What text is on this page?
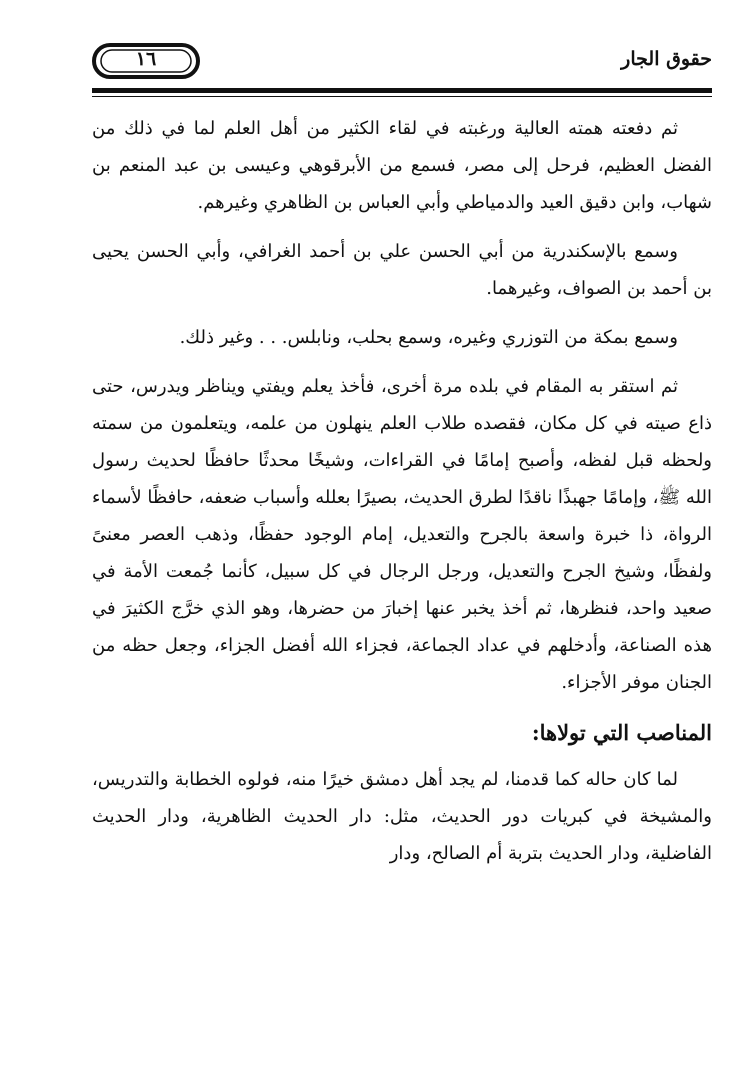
١٦	حقوق الجار

ثم دفعته همته العالية ورغبته في لقاء الكثير من أهل العلم لما في ذلك من الفضل العظيم، فرحل إلى مصر، فسمع من الأبرقوهي وعيسى بن عبد المنعم بن شهاب، وابن دقيق العيد والدمياطي وأبي العباس بن الظاهري وغيرهم.

وسمع بالإسكندرية من أبي الحسن علي بن أحمد الغرافي، وأبي الحسن يحيى بن أحمد بن الصواف، وغيرهما.

وسمع بمكة من التوزري وغيره، وسمع بحلب، ونابلس. . . وغير ذلك.

ثم استقر به المقام في بلده مرة أخرى، فأخذ يعلم ويفتي ويناظر ويدرس، حتى ذاع صيته في كل مكان، فقصده طلاب العلم ينهلون من علمه، ويتعلمون من سمته ولحظه قبل لفظه، وأصبح إمامًا في القراءات، وشيخًا محدثًا حافظًا لحديث رسول الله ﷺ، وإمامًا جهبذًا ناقدًا لطرق الحديث، بصيرًا بعلله وأسباب ضعفه، حافظًا لأسماء الرواة، ذا خبرة واسعة بالجرح والتعديل، إمام الوجود حفظًا، وذهب العصر معنىً ولفظًا، وشيخ الجرح والتعديل، ورجل الرجال في كل سبيل، كأنما جُمعت الأمة في صعيد واحد، فنظرها، ثم أخذ يخبر عنها إخبارَ من حضرها، وهو الذي خرَّج الكثيرَ في هذه الصناعة، وأدخلهم في عداد الجماعة، فجزاء الله أفضل الجزاء، وجعل حظه من الجنان موفر الأجزاء.

المناصب التي تولاها:

لما كان حاله كما قدمنا، لم يجد أهل دمشق خيرًا منه، فولوه الخطابة والتدريس، والمشيخة في كبريات دور الحديث، مثل: دار الحديث الظاهرية، ودار الحديث الفاضلية، ودار الحديث بتربة أم الصالح، ودار
